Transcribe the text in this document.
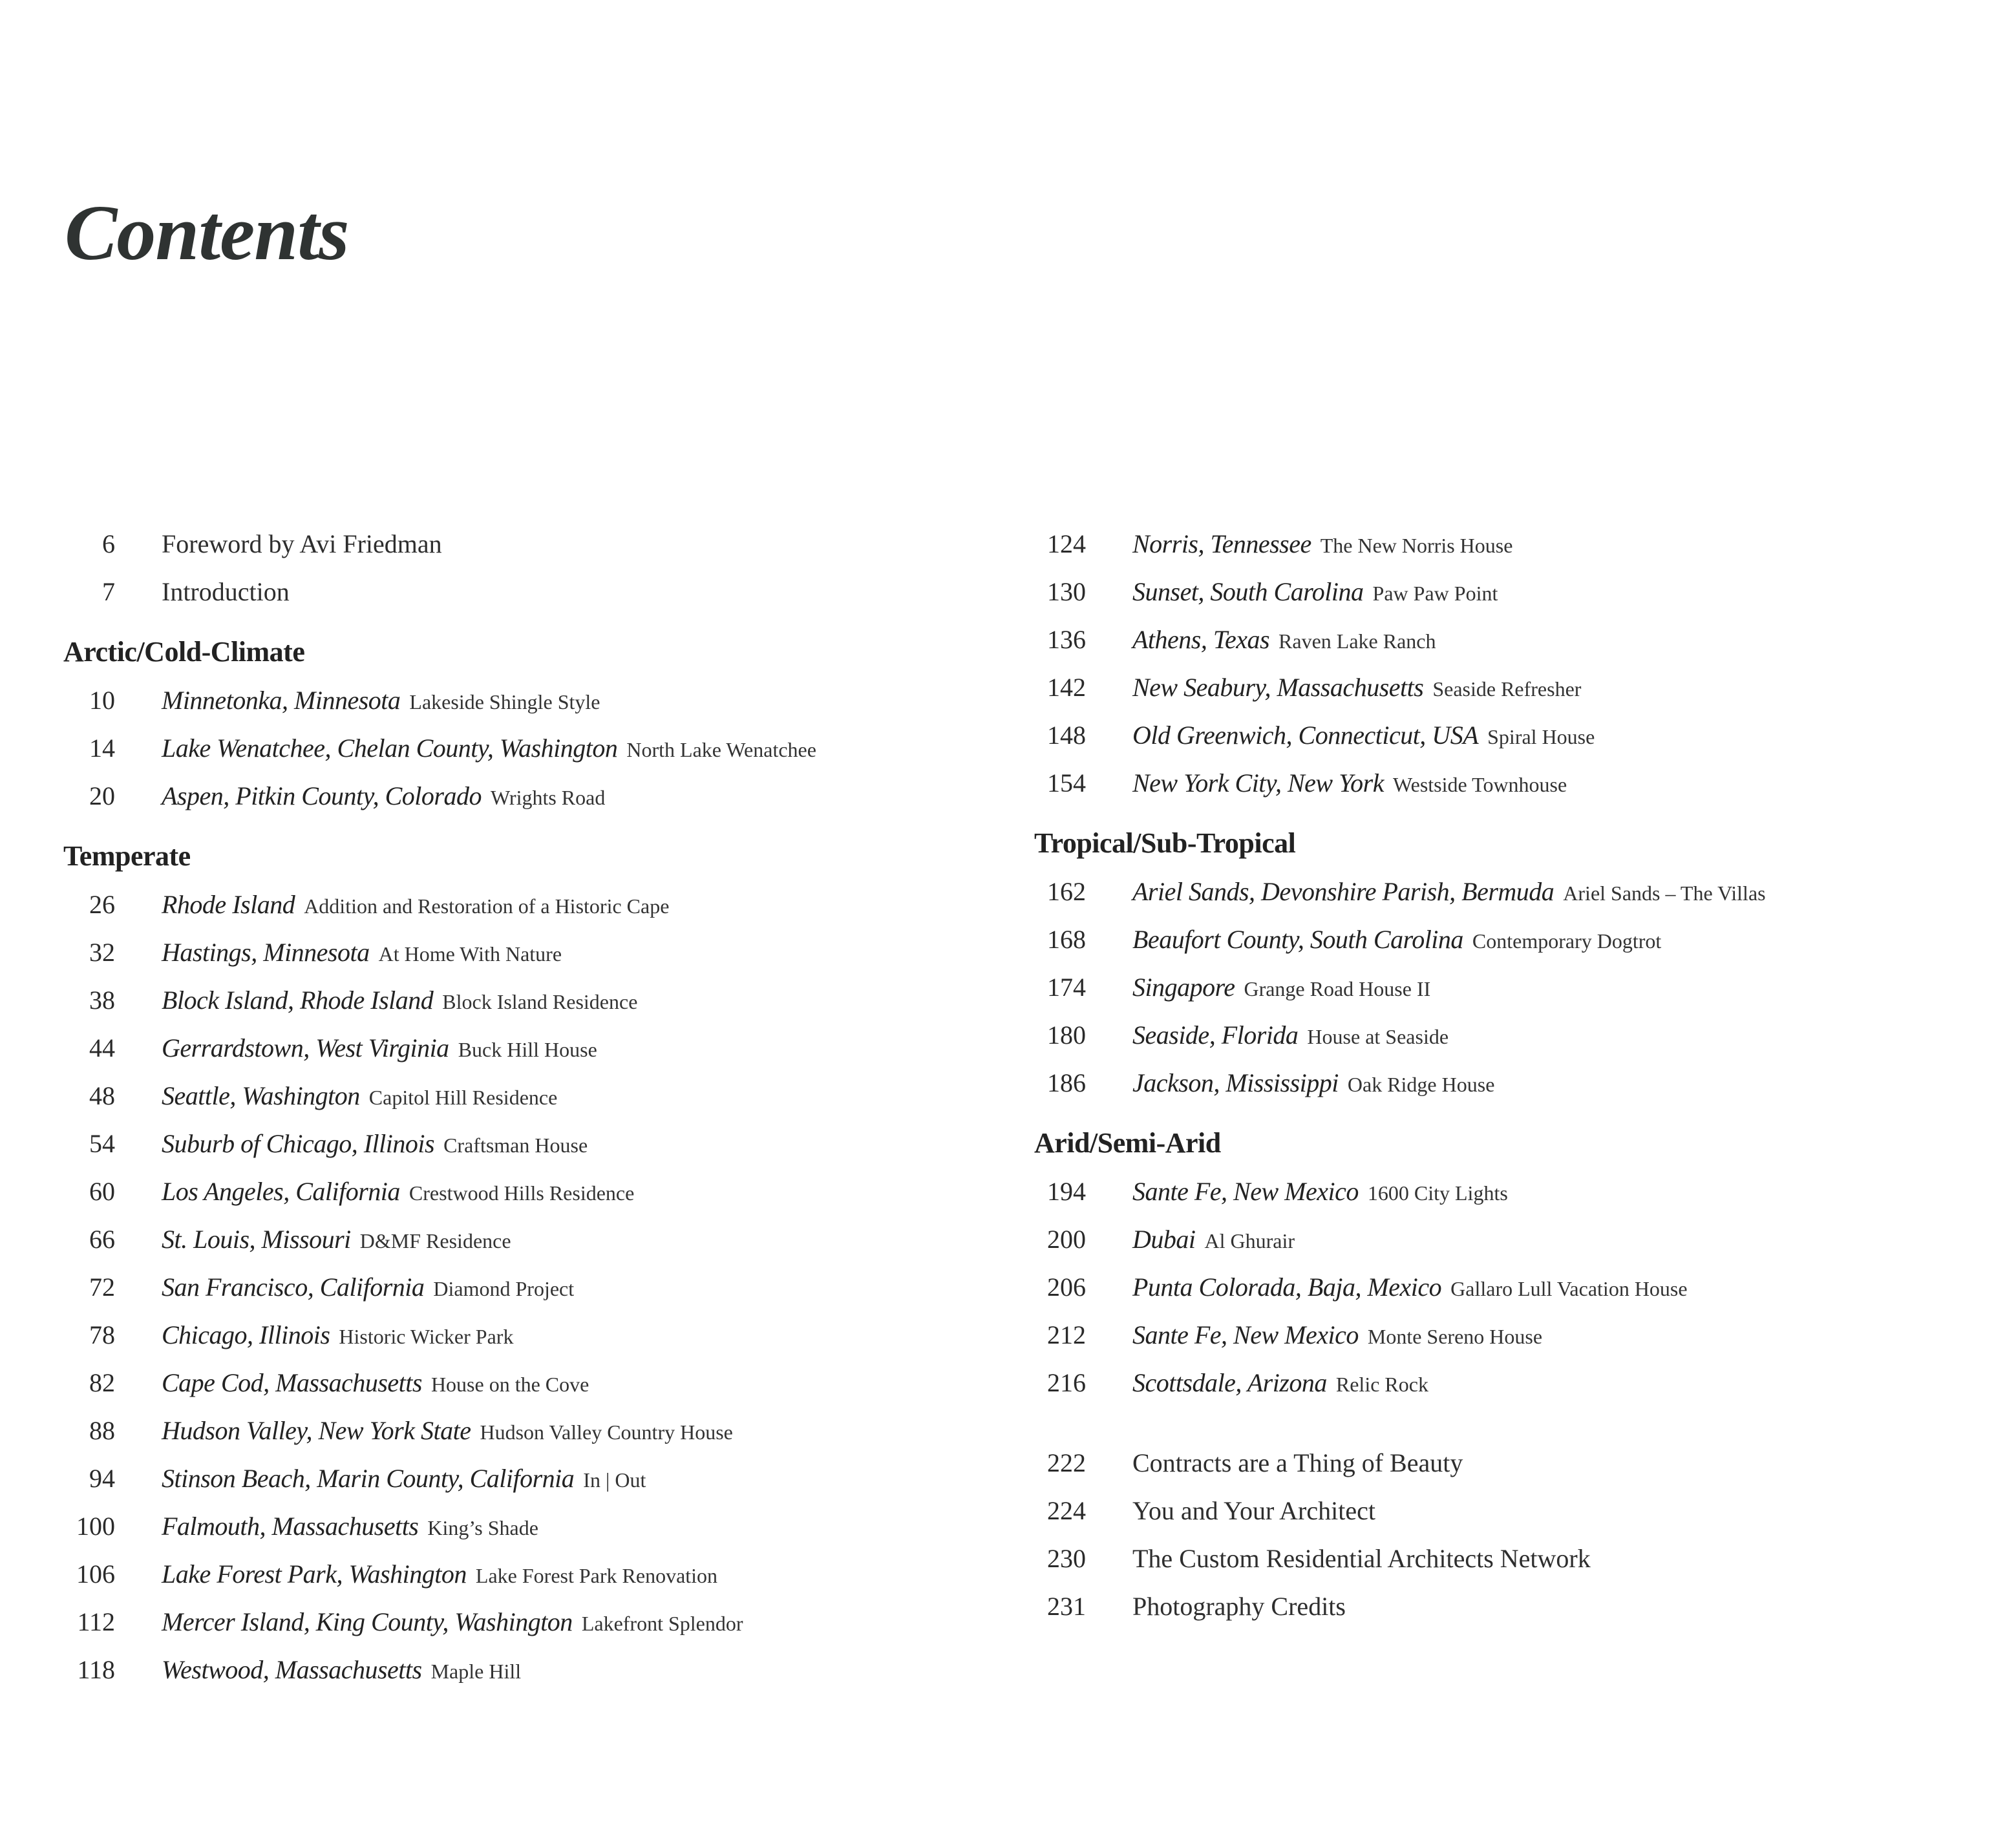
Contents
6 Foreword by Avi Friedman
7 Introduction
Arctic/Cold-Climate
10 Minnetonka, Minnesota Lakeside Shingle Style
14 Lake Wenatchee, Chelan County, Washington North Lake Wenatchee
20 Aspen, Pitkin County, Colorado Wrights Road
Temperate
26 Rhode Island Addition and Restoration of a Historic Cape
32 Hastings, Minnesota At Home With Nature
38 Block Island, Rhode Island Block Island Residence
44 Gerrardstown, West Virginia Buck Hill House
48 Seattle, Washington Capitol Hill Residence
54 Suburb of Chicago, Illinois Craftsman House
60 Los Angeles, California Crestwood Hills Residence
66 St. Louis, Missouri D&MF Residence
72 San Francisco, California Diamond Project
78 Chicago, Illinois Historic Wicker Park
82 Cape Cod, Massachusetts House on the Cove
88 Hudson Valley, New York State Hudson Valley Country House
94 Stinson Beach, Marin County, California In | Out
100 Falmouth, Massachusetts King’s Shade
106 Lake Forest Park, Washington Lake Forest Park Renovation
112 Mercer Island, King County, Washington Lakefront Splendor
118 Westwood, Massachusetts Maple Hill
124 Norris, Tennessee The New Norris House
130 Sunset, South Carolina Paw Paw Point
136 Athens, Texas Raven Lake Ranch
142 New Seabury, Massachusetts Seaside Refresher
148 Old Greenwich, Connecticut, USA Spiral House
154 New York City, New York Westside Townhouse
Tropical/Sub-Tropical
162 Ariel Sands, Devonshire Parish, Bermuda Ariel Sands – The Villas
168 Beaufort County, South Carolina Contemporary Dogtrot
174 Singapore Grange Road House II
180 Seaside, Florida House at Seaside
186 Jackson, Mississippi Oak Ridge House
Arid/Semi-Arid
194 Sante Fe, New Mexico 1600 City Lights
200 Dubai Al Ghurair
206 Punta Colorada, Baja, Mexico Gallaro Lull Vacation House
212 Sante Fe, New Mexico Monte Sereno House
216 Scottsdale, Arizona Relic Rock
222 Contracts are a Thing of Beauty
224 You and Your Architect
230 The Custom Residential Architects Network
231 Photography Credits
